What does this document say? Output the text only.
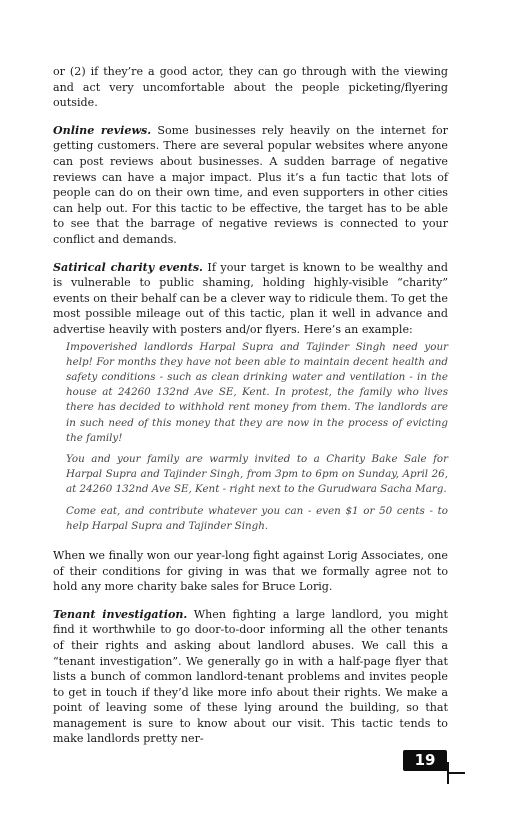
or (2) if they’re a good actor, they can go through with the viewing and act very uncomfortable about the people picketing/flyering outside.

Online reviews. Some businesses rely heavily on the internet for getting customers. There are several popular websites where anyone can post reviews about businesses. A sudden barrage of negative reviews can have a major impact. Plus it’s a fun tactic that lots of people can do on their own time, and even supporters in other cities can help out. For this tactic to be effective, the target has to be able to see that the barrage of negative reviews is connected to your conflict and demands.

Satirical charity events. If your target is known to be wealthy and is vulnerable to public shaming, holding highly-visible “charity” events on their behalf can be a clever way to ridicule them. To get the most possible mileage out of this tactic, plan it well in advance and advertise heavily with posters and/or flyers. Here’s an example:

Impoverished landlords Harpal Supra and Tajinder Singh need your help! For months they have not been able to maintain decent health and safety conditions - such as clean drinking water and ventilation - in the house at 24260 132nd Ave SE, Kent. In protest, the family who lives there has decided to withhold rent money from them. The landlords are in such need of this money that they are now in the process of evicting the family!
You and your family are warmly invited to a Charity Bake Sale for Harpal Supra and Tajinder Singh, from 3pm to 6pm on Sunday, April 26, at 24260 132nd Ave SE, Kent - right next to the Gurudwara Sacha Marg.
Come eat, and contribute whatever you can - even $1 or 50 cents - to help Harpal Supra and Tajinder Singh.

When we finally won our year-long fight against Lorig Associates, one of their conditions for giving in was that we formally agree not to hold any more charity bake sales for Bruce Lorig.

Tenant investigation. When fighting a large landlord, you might find it worthwhile to go door-to-door informing all the other tenants of their rights and asking about landlord abuses. We call this a “tenant investigation”. We generally go in with a half-page flyer that lists a bunch of common landlord-tenant problems and invites people to get in touch if they’d like more info about their rights. We make a point of leaving some of these lying around the building, so that management is sure to know about our visit. This tactic tends to make landlords pretty ner-

19
